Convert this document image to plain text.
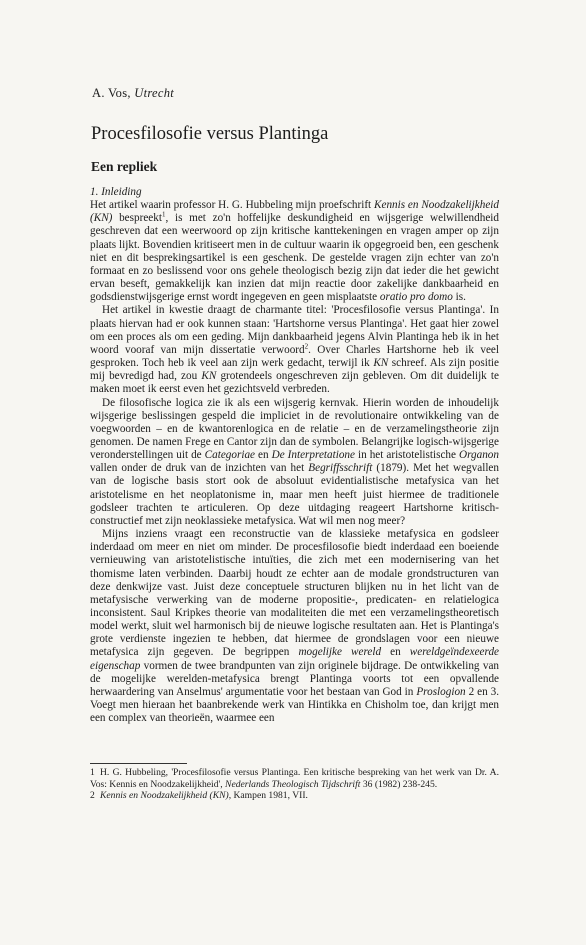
A. Vos, Utrecht
Procesfilosofie versus Plantinga
Een repliek

1. Inleiding

Het artikel waarin professor H. G. Hubbeling mijn proefschrift Kennis en Noodzakelijkheid (KN) bespreekt$^1$, is met zo'n hoffelijke deskundigheid en wijsgerige welwillendheid geschreven dat een weerwoord op zijn kritische kanttekeningen en vragen amper op zijn plaats lijkt. Bovendien kritiseert men in de cultuur waarin ik opgegroeid ben, een geschenk niet en dit besprekingsartikel is een geschenk. De gestelde vragen zijn echter van zo'n formaat en zo beslissend voor ons gehele theologisch bezig zijn dat ieder die het gewicht ervan beseft, gemakkelijk kan inzien dat mijn reactie door zakelijke dankbaarheid en godsdienstwijsgerige ernst wordt ingegeven en geen misplaatste oratio pro domo is.

Het artikel in kwestie draagt de charmante titel: 'Procesfilosofie versus Plantinga'. In plaats hiervan had er ook kunnen staan: 'Hartshorne versus Plantinga'. Het gaat hier zowel om een proces als om een geding. Mijn dankbaarheid jegens Alvin Plantinga heb ik in het woord vooraf van mijn dissertatie verwoord$^2$. Over Charles Hartshorne heb ik veel gesproken. Toch heb ik veel aan zijn werk gedacht, terwijl ik KN schreef. Als zijn positie mij bevredigd had, zou KN grotendeels ongeschreven zijn gebleven. Om dit duidelijk te maken moet ik eerst even het gezichtsveld verbreden.

De filosofische logica zie ik als een wijsgerig kernvak. Hierin worden de inhoudelijk wijsgerige beslissingen gespeld die impliciet in de revolutionaire ontwikkeling van de voegwoorden – en de kwantorenlogica en de relatie – en de verzamelingstheorie zijn genomen. De namen Frege en Cantor zijn dan de symbolen. Belangrijke logisch-wijsgerige veronderstellingen uit de Categoriae en De Interpretatione in het aristotelistische Organon vallen onder de druk van de inzichten van het Begriffsschrift (1879). Met het wegvallen van de logische basis stort ook de absoluut evidentialistische metafysica van het aristotelisme en het neoplatonisme in, maar men heeft juist hiermee de traditionele godsleer trachten te articuleren. Op deze uitdaging reageert Hartshorne kritisch-constructief met zijn neoklassieke metafysica. Wat wil men nog meer?

Mijns inziens vraagt een reconstructie van de klassieke metafysica en godsleer inderdaad om meer en niet om minder. De procesfilosofie biedt inderdaad een boeiende vernieuwing van aristotelistische intuïties, die zich met een modernisering van het thomisme laten verbinden. Daarbij houdt ze echter aan de modale grondstructuren van deze denkwijze vast. Juist deze conceptuele structuren blijken nu in het licht van de metafysische verwerking van de moderne propositie-, predicaten- en relatielogica inconsistent. Saul Kripkes theorie van modaliteiten die met een verzamelingstheoretisch model werkt, sluit wel harmonisch bij de nieuwe logische resultaten aan. Het is Plantinga's grote verdienste ingezien te hebben, dat hiermee de grondslagen voor een nieuwe metafysica zijn gegeven. De begrippen mogelijke wereld en wereldgeïndexeerde eigenschap vormen de twee brandpunten van zijn originele bijdrage. De ontwikkeling van de mogelijke werelden-metafysica brengt Plantinga voorts tot een opvallende herwaardering van Anselmus' argumentatie voor het bestaan van God in Proslogion 2 en 3. Voegt men hieraan het baanbrekende werk van Hintikka en Chisholm toe, dan krijgt men een complex van theorieën, waarmee een

1 H. G. Hubbeling, 'Procesfilosofie versus Plantinga. Een kritische bespreking van het werk van Dr. A. Vos: Kennis en Noodzakelijkheid', Nederlands Theologisch Tijdschrift 36 (1982) 238-245.

2 Kennis en Noodzakelijkheid (KN), Kampen 1981, VII.
